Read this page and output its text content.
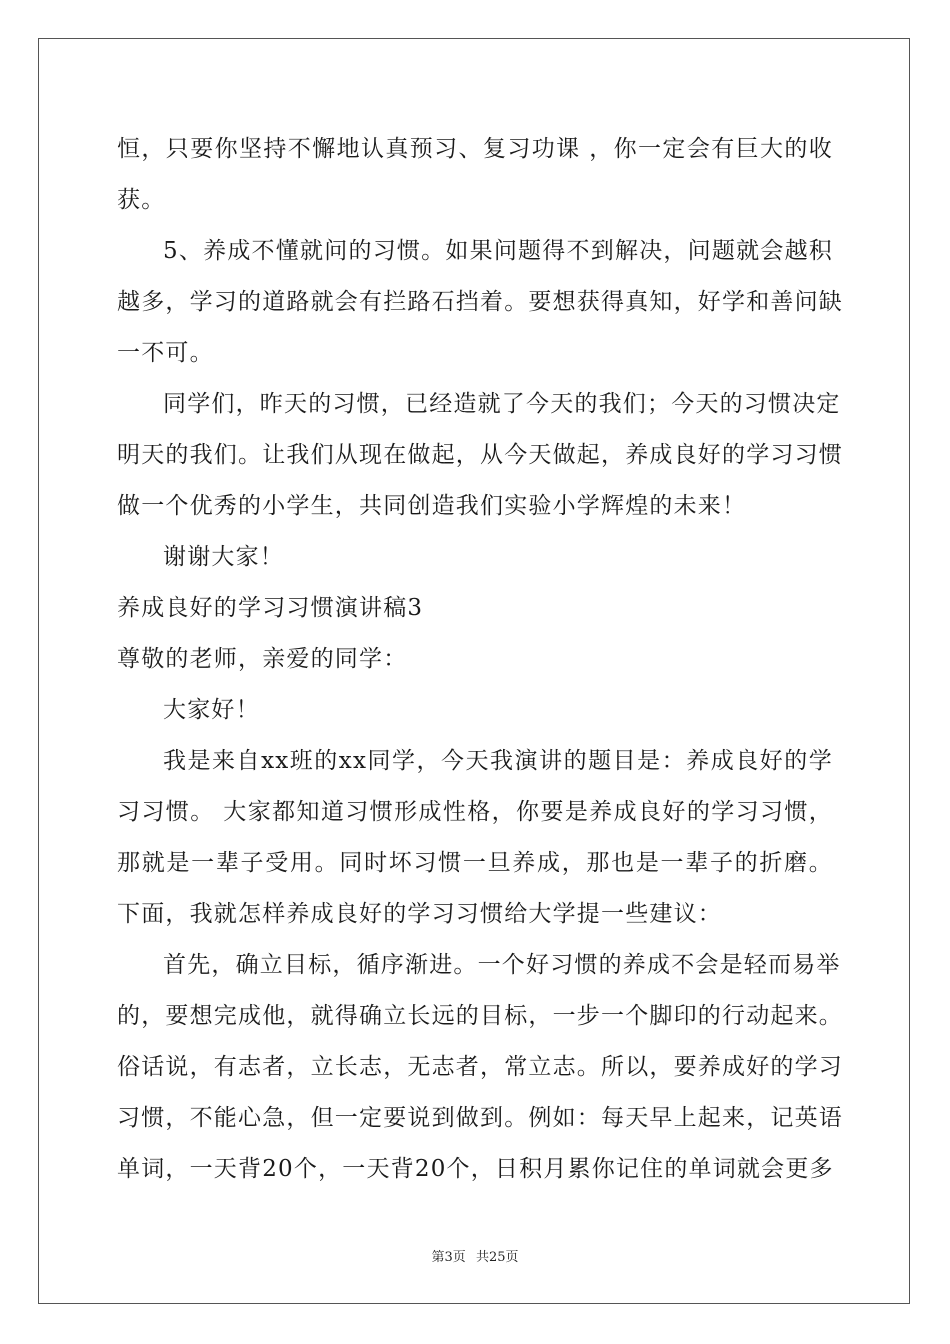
恒，只要你坚持不懈地认真预习、复习功课 ，你一定会有巨大的收
获。
5、养成不懂就问的习惯。如果问题得不到解决，问题就会越积
越多，学习的道路就会有拦路石挡着。要想获得真知，好学和善问缺
一不可。
同学们，昨天的习惯，已经造就了今天的我们；今天的习惯决定
明天的我们。让我们从现在做起，从今天做起，养成良好的学习习惯
做一个优秀的小学生，共同创造我们实验小学辉煌的未来！
谢谢大家！
养成良好的学习习惯演讲稿3
尊敬的老师，亲爱的同学：
大家好！
我是来自xx班的xx同学，今天我演讲的题目是：养成良好的学
习习惯。 大家都知道习惯形成性格，你要是养成良好的学习习惯，
那就是一辈子受用。同时坏习惯一旦养成，那也是一辈子的折磨。
下面，我就怎样养成良好的学习习惯给大学提一些建议：
首先，确立目标，循序渐进。一个好习惯的养成不会是轻而易举
的，要想完成他，就得确立长远的目标，一步一个脚印的行动起来。
俗话说，有志者，立长志，无志者，常立志。所以，要养成好的学习
习惯，不能心急，但一定要说到做到。例如：每天早上起来，记英语
单词，一天背20个，一天背20个，日积月累你记住的单词就会更多
第3页 共25页
